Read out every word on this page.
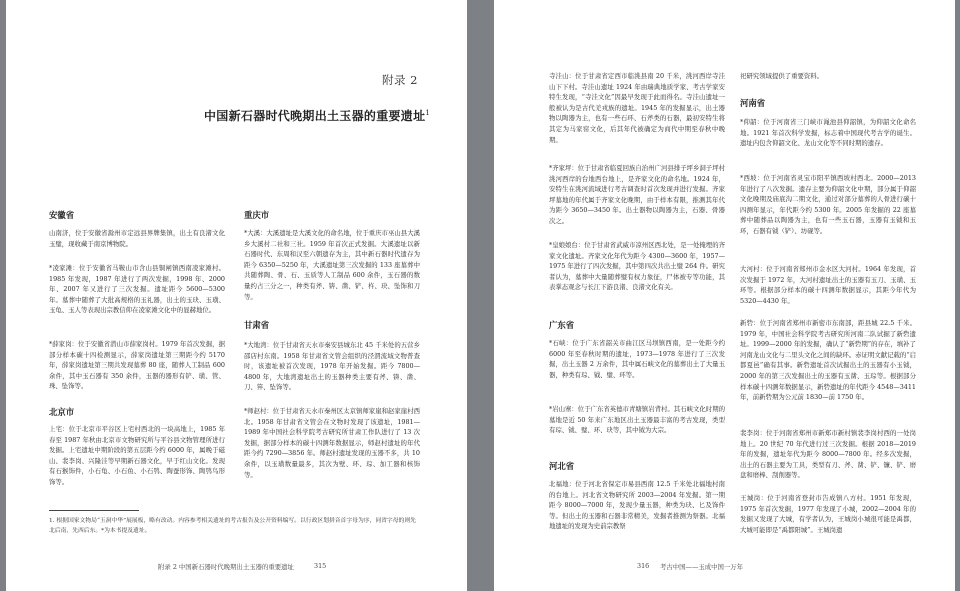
附录 2
中国新石器时代晚期出土玉器的重要遗址$^1$
安徽省

山南济，位于安徽省滁州市定远县界牌集镇，出土有良渚文化玉璧，现收藏于南京博物院。

*凌家滩：位于安徽省马鞍山市含山县铜闸镇西南凌家滩村。1985 年发现，1987 年进行了两次发掘，1998 年、2000 年、2007 年又进行了三次发掘。遗址距今 5600—5300 年。墓葬中随葬了大批高规格的玉礼器，出土的玉玦、玉璜、玉龟、玉人等表现出宗教信仰在凌家滩文化中的显赫地位。

*薛家岗：位于安徽省潜山市薛家岗村。1979 年首次发掘，据部分样本碳十四检测显示，薛家岗遗址第三期距今约 5170 年，薛家岗遗址第三期共发现墓葬 80 座，随葬人工制品 600 余件，其中玉石器有 350 余件，玉器的器形有铲、璜、管、珠、坠饰等。

北京市

上宅：位于北京市平谷区上宅村西北的一块高地上，1985 年春至 1987 年秋由北京市文物研究所与平谷县文物管理所进行发掘。上宅遗址中期阶段的第五层距今约 6000 年，属晚于磁山、裴李岗、兴隆洼等早期新石器文化，早于红山文化。发现有石猴饰件，小石龟、小石鱼、小石鸮、陶蚕形饰、陶鸮鸟形饰等。

重庆市

*大溪：大溪遗址是大溪文化的命名地，位于重庆市巫山县大溪乡大溪村二社和三社。1959 年首次正式发掘。大溪遗址以新石器时代、东周和汉至六朝遗存为主，其中新石器时代遗存为距今 6350—5250 年，大溪遗址第三次发掘的 133 座墓葬中共随葬陶、骨、石、玉质等人工制品 600 余件，玉石器的数量约占三分之一，种类有斧、锛、凿、铲、杵、玦、坠饰和刀等。

甘肃省

*大地湾：位于甘肃省天水市秦安县城东北 45 千米处的五营乡邵店村东南。1958 年甘肃省文管会组织的泾渭流域文物普查时，该遗址被首次发现，1978 年开始发掘。距今 7800—4800 年，大地湾遗址出土的玉器种类主要有斧、锛、凿、刀、笄、坠饰等。

*师赵村：位于甘肃省天水市秦州区太京镇师家崖和赵家崖村西北。1958 年甘肃省文管会在文物时发现了该遗址，1981—1989 年中国社会科学院考古研究所甘肃工作队进行了 13 次发掘，据部分样本的碳十四测年数据显示，师赵村遗址的年代距今约 7290—3856 年。师赵村遗址发现的玉器不多，共 10 余件，以玉璜数量最多，其次为壁、环、琮、加工器和核饰等。

1. 根据国家文物局“玉洞中华”展展板，略有改动。内容参考相关遗址的考古报告及公开资料编写。以行政区划拼音首字母为序，同省字母的则先北后南，先西后东。*为本书提及遗址。

附录 2 中国新石器时代晚期出土玉器的重要遗址	315

寺洼山：位于甘肃省定西市临洮县南 20 千米，洮河西岸寺洼山下下村。寺洼山遗址 1924 年由瑞典地质学家、考古学家安特生发现，“寺洼文化”因最早发现于此而得名。寺洼山遗址一般被认为是古代羌戎族的遗址。1945 年的发掘显示，出土器物以陶器为主，也有一些石环、石斧类的石器，最初安特生将其定为马家窑文化，后其年代被确定为商代中期至春秋中晚期。

*齐家坪：位于甘肃省临夏回族自治州广河县排子坪乡洞子坪村洮河西岸的台地西台地上，是齐家文化的命名地。1924 年，安特生在洮河流域进行考古调查时首次发现并进行发掘。齐家坪墓地的年代属于齐家文化晚期，由于样本有限，推测其年代为距今 3650—3450 年。出土器物以陶器为主，石器、骨器次之。

*皇娘娘台：位于甘肃省武威市凉州区西北处，是一处掩埋的齐家文化遗址。齐家文化年代为距今 4300—3600 年，1957—1975 年进行了四次发掘，其中第四次共出土璧 264 件。研究者认为，墓葬中大量随葬璧有权力象征，尸体被专等功能，其表掌态观念与长江下游良渚、良渚文化有关。

广东省

*石峡：位于广东省韶关市曲江区马坝镇西南，是一处距今约 6000 年至春秋时期的遗址，1973—1978 年进行了三次发掘，出土玉器 2 万余件，其中属石峡文化的墓葬出土了大量玉器，种类有琮、钺、璧、环等。

*岩山寨：位于广东省英德市青塘镇岩背村。其石峡文化时期的墓地是近 50 年来广东地区出土玉器最丰富的考古发现，类型有琮、钺、璧、环、玦等，其中钺为大宗。

河北省

北福地：位于河北省保定市易县西南 12.5 千米处北福地村南的台地上。河北省文物研究所 2003—2004 年发掘。第一期距今 8000—7000 年，发现少量玉器，种类为玦、匕及饰件等。但出土的玉器和石器非常精美，发掘者推测为祭器。北福地遗址的发现为史前宗教祭

祀研究领域提供了重要资料。

河南省

*仰韶：位于河南省三门峡市渑池县仰韶镇，为仰韶文化命名地。1921 年首次科学发掘，标志着中国现代考古学的诞生。遗址内包含仰韶文化、龙山文化等不同时期的遗存。

*西坡：位于河南省灵宝市阳平镇西坡村西北。2000—2013 年进行了八次发掘。遗存主要为仰韶文化中期，部分属于仰韶文化晚期及庙底沟二期文化，通过对部分墓葬的人骨进行碳十四测年显示，年代距今约 5300 年。2005 年发掘的 22 座墓葬中随葬品以陶器为主，也有一些玉石器，玉器有玉钺和玉环，石器有钺（铲）、坊砚等。

大河村：位于河南省郑州市金水区大河村。1964 年发现，首次发掘于 1972 年，大河村遗址出土的玉器有玉刀、玉璜、玉环等。根据部分样本的碳十四测年数据显示，其距今年代为 5320—4430 年。

新砦：位于河南省郑州市新密市东南部，距县城 22.5 千米。1979 年，中国社会科学院考古研究所河南二队试掘了新砦遗址。1999—2000 年的发掘，确认了“新砦期”的存在，填补了河南龙山文化与二里头文化之间的缺环。赤证明文献记载的“启都夏邑”确有其事。新砦遗址首次试掘出土的玉器有小玉钺，2000 年的第三次发掘出土的玉器有玉凿、玉琮等。根据部分样本碳十四测年数据显示，新砦遗址的年代距今 4548—3411 年，前新砦期为公元前 1830—前 1750 年。

裴李岗：位于河南省郑州市新郑市新村镇裴李岗村西的一处岗地上。20 世纪 70 年代进行过三次发掘。根据 2018—2019 年的发掘，遗址年代为距今 8000—7800 年。经多次发掘，出土的石器主要为工具，类型有刀、斧、凿、铲、镰、铲、磨盘和磨棒、刮削器等。

王城岗：位于河南省登封市告成镇八方村。1951 年发现，1975 年首次发掘，1977 年发现了小城，2002—2004 年的发掘又发现了大城，有学者认为，王城岗小城很可能是禹都，大城可能即是“禹都阳城”。王城岗遗

316 考古中国——玉成中国一万年
